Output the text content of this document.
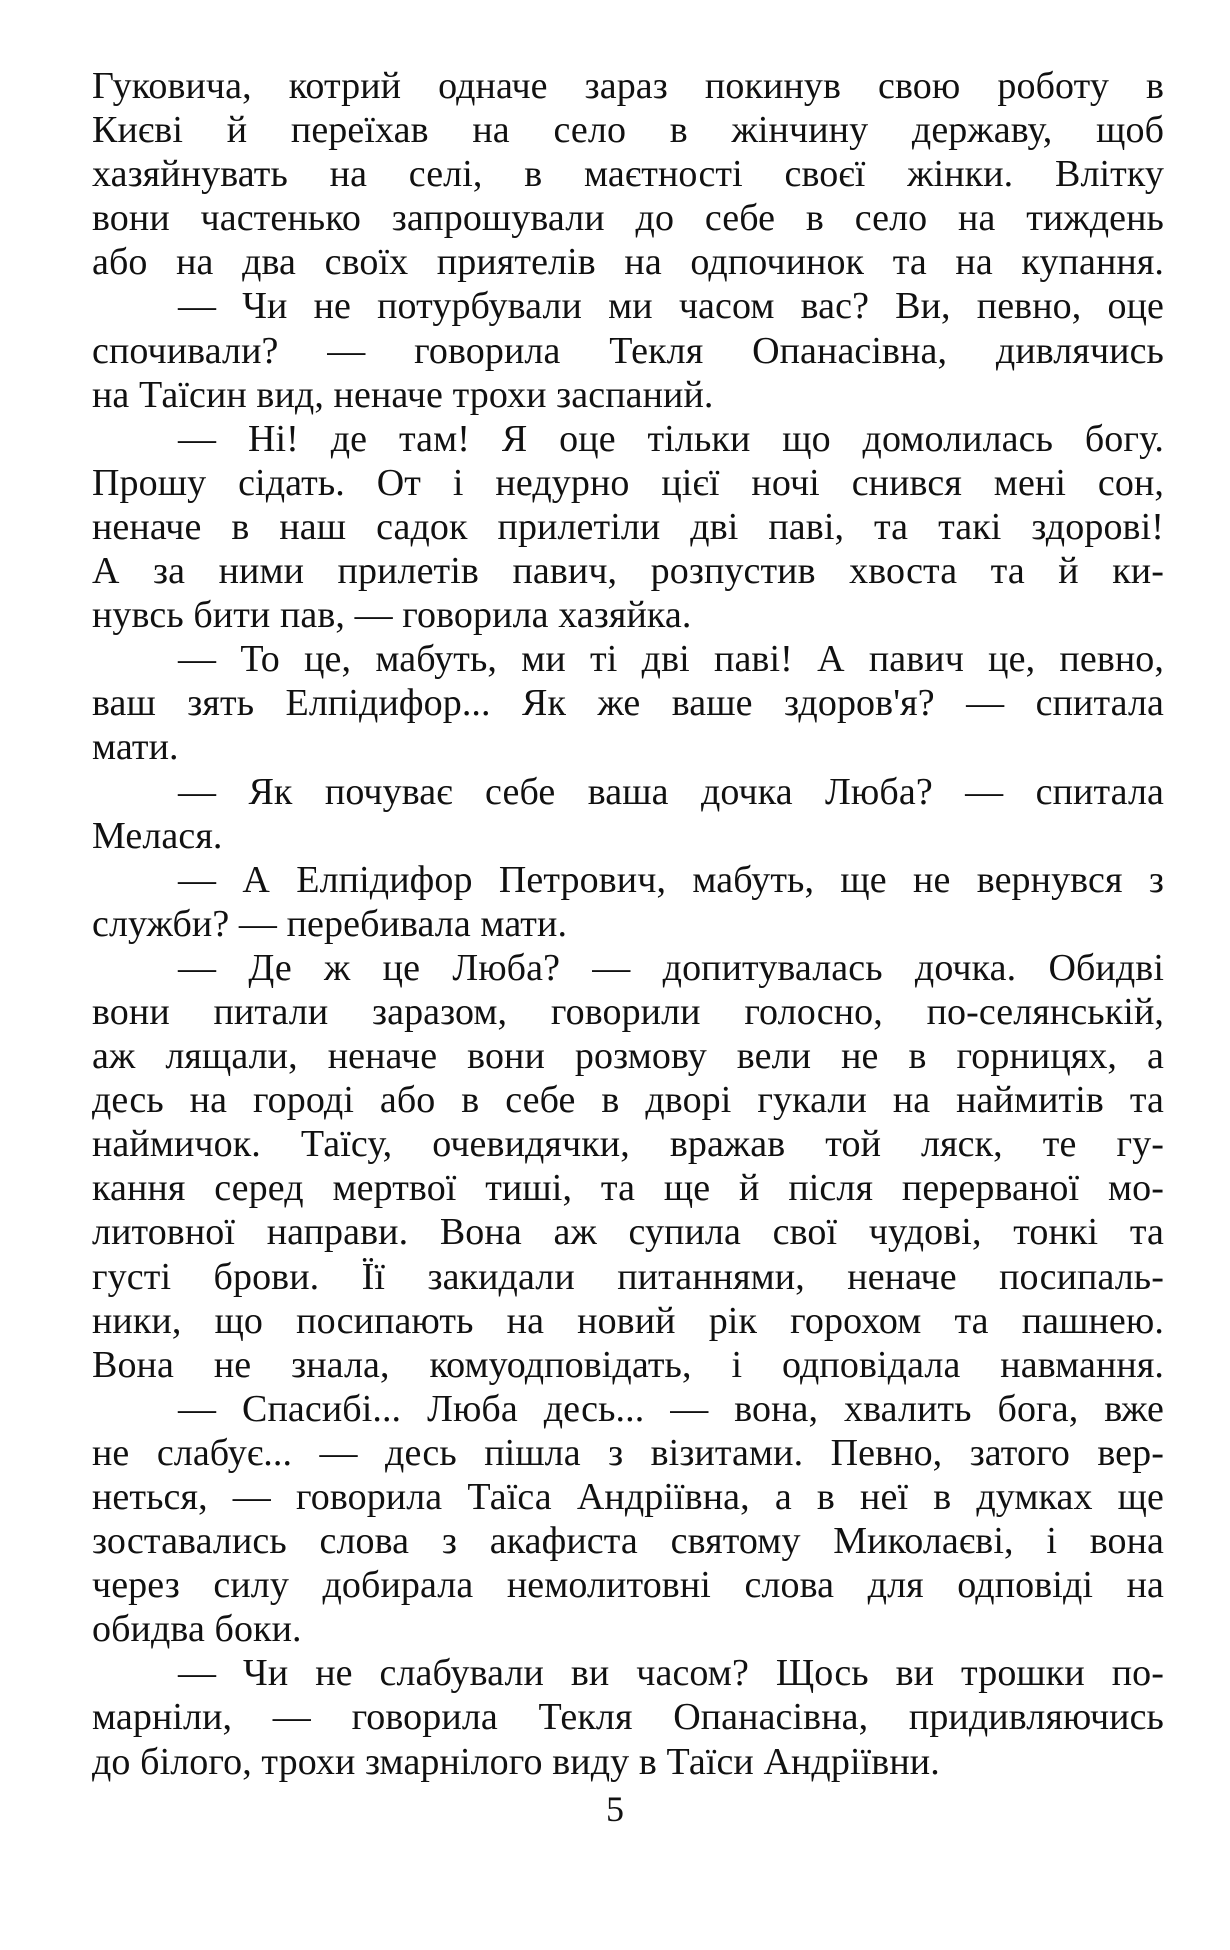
Гуковича, котрий одначе зараз покинув свою роботу в
Києві й переїхав на село в жінчину державу, щоб
хазяйнувать на селі, в маєтності своєї жінки. Влітку
вони частенько запрошували до себе в село на тиждень
або на два своїх приятелів на одпочинок та на купання.
— Чи не потурбували ми часом вас? Ви, певно, оце
спочивали? — говорила Текля Опанасівна, дивлячись
на Таїсин вид, неначе трохи заспаний.
— Ні! де там! Я оце тільки що домолилась богу.
Прошу сідать. От і недурно цієї ночі снився мені сон,
неначе в наш садок прилетіли дві паві, та такі здорові!
А за ними прилетів павич, розпустив хвоста та й ки-
нувсь бити пав, — говорила хазяйка.
— То це, мабуть, ми ті дві паві! А павич це, певно,
ваш зять Елпідифор... Як же ваше здоров'я? — спитала
мати.
— Як почуває себе ваша дочка Люба? — спитала
Мелася.
— А Елпідифор Петрович, мабуть, ще не вернувся з
служби? — перебивала мати.
— Де ж це Люба? — допитувалась дочка. Обидві
вони питали заразом, говорили голосно, по-селянській,
аж лящали, неначе вони розмову вели не в горницях, а
десь на городі або в себе в дворі гукали на наймитів та
наймичок. Таїсу, очевидячки, вражав той ляск, те гу-
кання серед мертвої тиші, та ще й після перерваної мо-
литовної направи. Вона аж супила свої чудові, тонкі та
густі брови. Її закидали питаннями, неначе посипаль-
ники, що посипають на новий рік горохом та пашнею.
Вона не знала, комуодповідать, і одповідала навмання.
— Спасибі... Люба десь... — вона, хвалить бога, вже
не слабує... — десь пішла з візитами. Певно, затого вер-
неться, — говорила Таїса Андріївна, а в неї в думках ще
зоставались слова з акафиста святому Миколаєві, і вона
через силу добирала немолитовні слова для одповіді на
обидва боки.
— Чи не слабували ви часом? Щось ви трошки по-
марніли, — говорила Текля Опанасівна, придивляючись
до білого, трохи змарнілого виду в Таїси Андріївни.
5
